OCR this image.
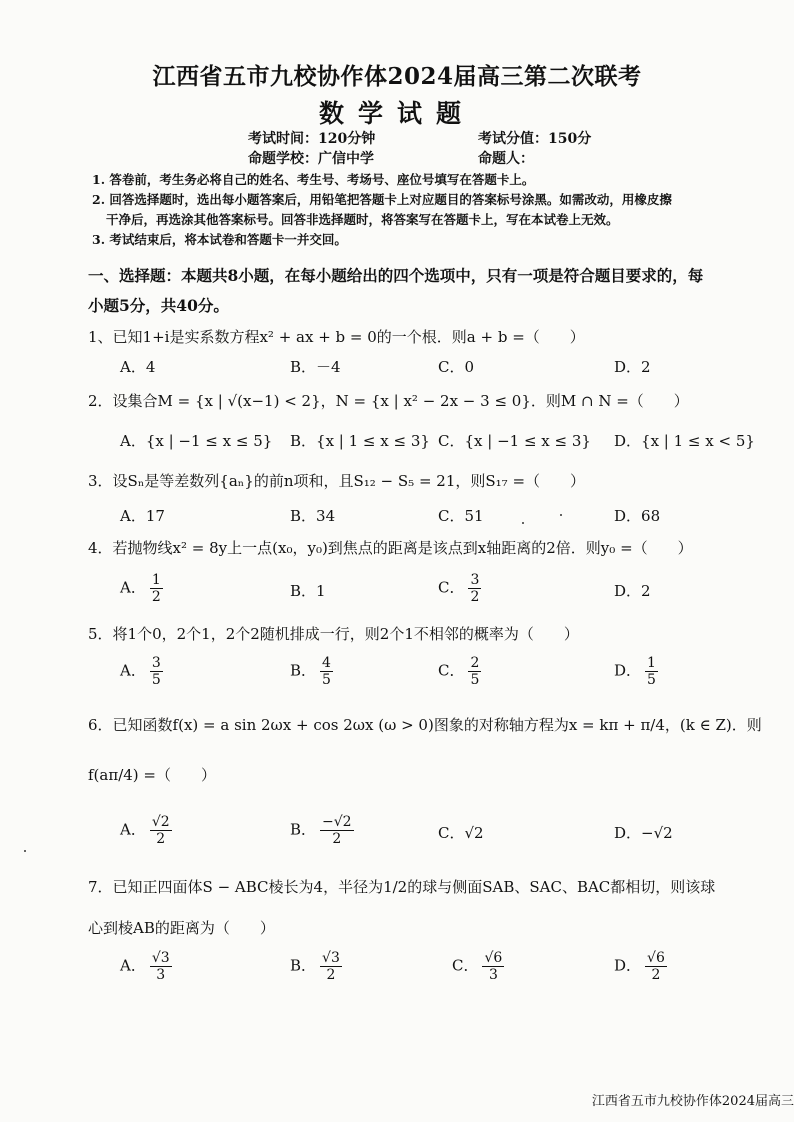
江西省五市九校协作体2024届高三第二次联考
数学试题
考试时间：120分钟	考试分值：150分
命题学校：广信中学	命题人：
1. 答卷前，考生务必将自己的姓名、考生号、考场号、座位号填写在答题卡上。
2. 回答选择题时，选出每小题答案后，用铅笔把答题卡上对应题目的答案标号涂黑。如需改动，用橡皮擦
干净后，再选涂其他答案标号。回答非选择题时，将答案写在答题卡上，写在本试卷上无效。
3. 考试结束后，将本试卷和答题卡一并交回。
一、选择题：本题共8小题，在每小题给出的四个选项中，只有一项是符合题目要求的，每
小题5分，共40分。
1、已知1+i是实系数方程x² + ax + b = 0的一个根．则a + b =（　　）
A．4	B．－4	C．0	D．2
2．设集合M = {x | √(x−1) < 2}，N = {x | x² − 2x − 3 ≤ 0}．则M ∩ N =（　　）
A．{x | −1 ≤ x ≤ 5} B．{x | 1 ≤ x ≤ 3} C．{x | −1 ≤ x ≤ 3} D．{x | 1 ≤ x < 5}
3．设Sₙ是等差数列{aₙ}的前n项和，且S₁₂ − S₅ = 21，则S₁₇ =（　　）
A．17	B．34	C．51	D．68
4．若抛物线x² = 8y上一点(x₀，y₀)到焦点的距离是该点到x轴距离的2倍．则y₀ =（　　）
A． $\frac{1}{2}$	B．1	C． $\frac{3}{2}$	D．2
5．将1个0，2个1，2个2随机排成一行，则2个1不相邻的概率为（　　）
A． $\frac{3}{5}$	B． $\frac{4}{5}$	C． $\frac{2}{5}$	D． $\frac{1}{5}$
6．已知函数f(x) = a sin 2ωx + cos 2ωx (ω > 0)图象的对称轴方程为x = kπ + π/4，(k ∈ Z)．则
f(aπ/4) =（　　）
A． $\frac{√2}{2}$	B． $\frac{-√2}{2}$	C．√2	D．−√2
7．已知正四面体S − ABC棱长为4，半径为1/2的球与侧面SAB、SAC、BAC都相切，则该球
心到棱AB的距离为（　　）
A． $\frac{√3}{3}$	B． $\frac{√3}{2}$	C． $\frac{√6}{3}$	D． $\frac{√6}{2}$
江西省五市九校协作体2024届高三
